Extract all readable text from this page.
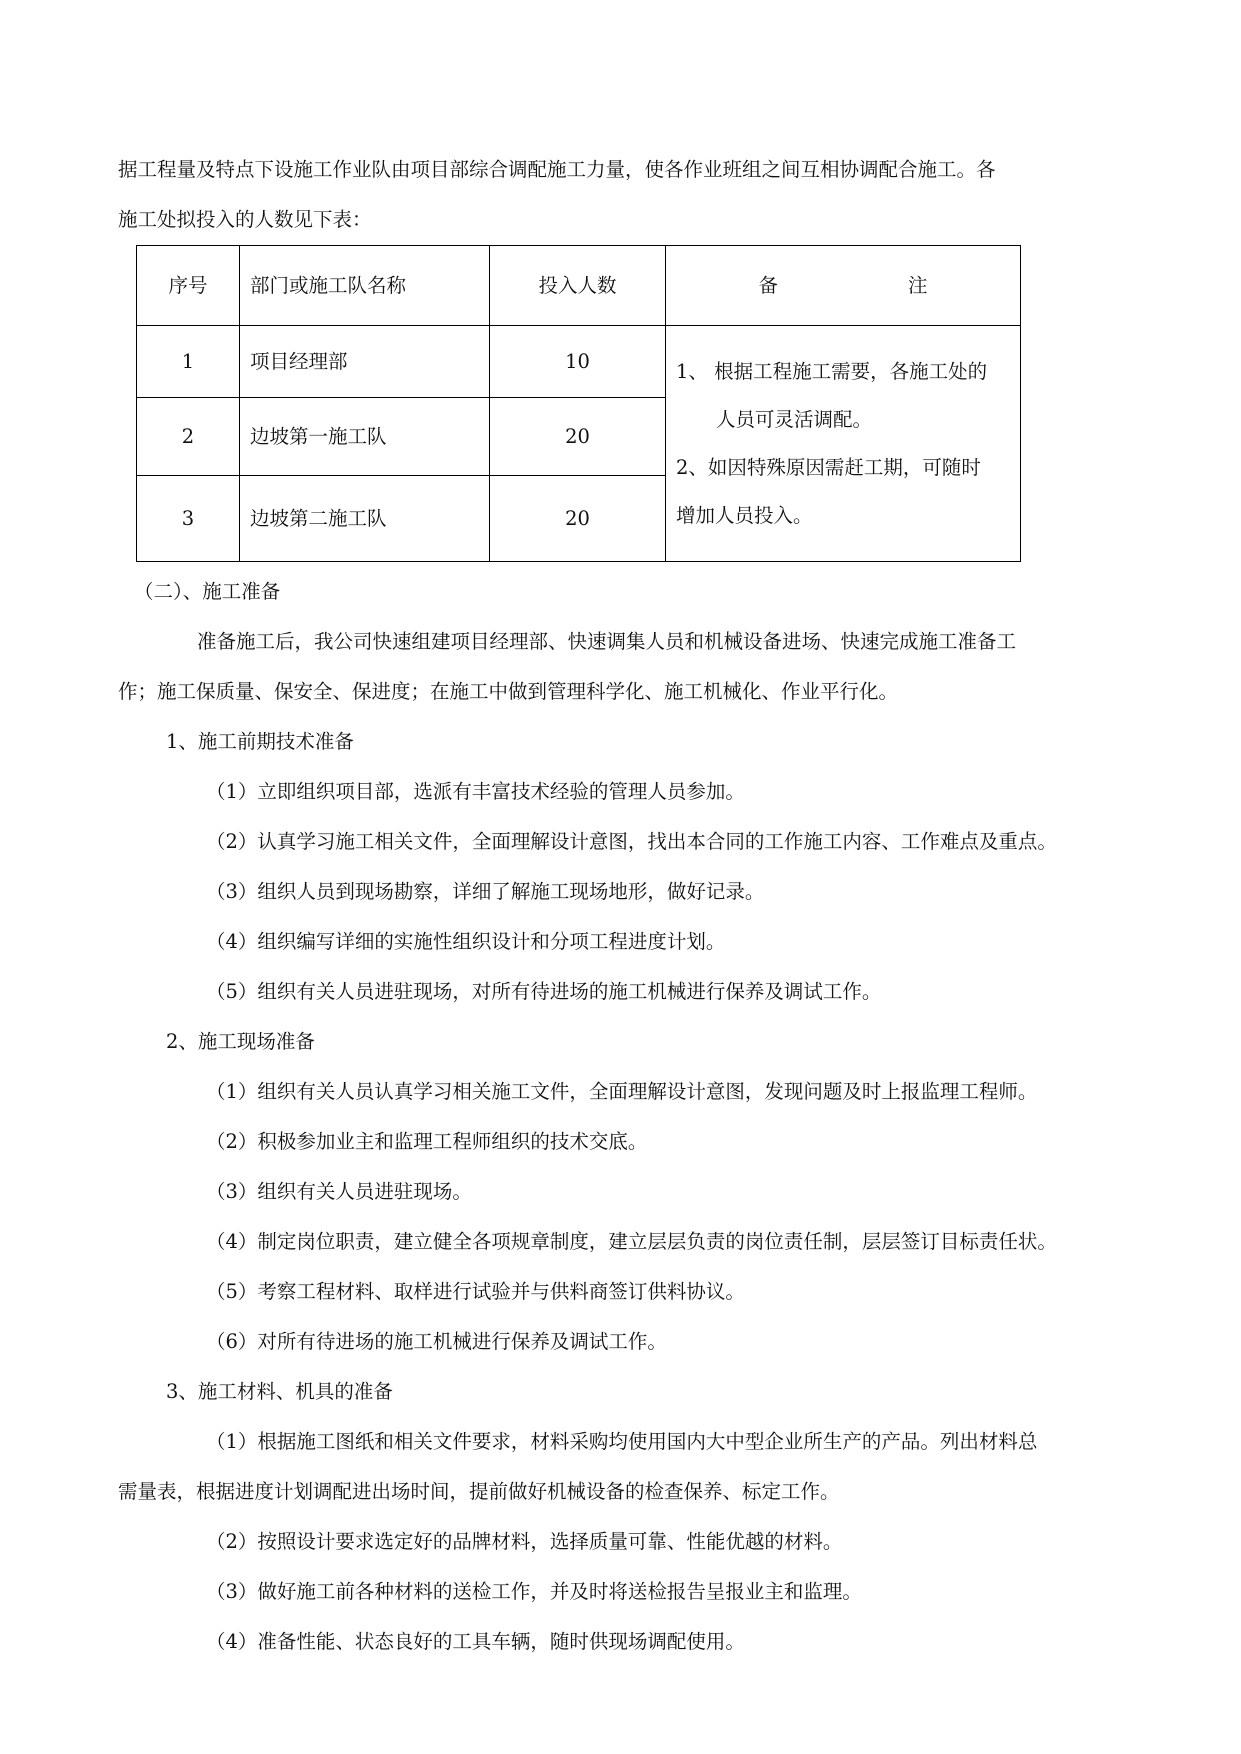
据工程量及特点下设施工作业队由项目部综合调配施工力量，使各作业班组之间互相协调配合施工。各
施工处拟投入的人数见下表：
序号	部门或施工队名称	投入人数	备 注
1	项目经理部	10	1、 根据工程施工需要，各施工处的
人员可灵活调配。
2、如因特殊原因需赶工期，可随时
增加人员投入。

2	边坡第一施工队	20	
3	边坡第二施工队	20	
（二）、施工准备
准备施工后，我公司快速组建项目经理部、快速调集人员和机械设备进场、快速完成施工准备工
作；施工保质量、保安全、保进度；在施工中做到管理科学化、施工机械化、作业平行化。
1、施工前期技术准备
（1）立即组织项目部，选派有丰富技术经验的管理人员参加。
（2）认真学习施工相关文件，全面理解设计意图，找出本合同的工作施工内容、工作难点及重点。
（3）组织人员到现场勘察，详细了解施工现场地形，做好记录。
（4）组织编写详细的实施性组织设计和分项工程进度计划。
（5）组织有关人员进驻现场，对所有待进场的施工机械进行保养及调试工作。
2、施工现场准备
（1）组织有关人员认真学习相关施工文件，全面理解设计意图，发现问题及时上报监理工程师。
（2）积极参加业主和监理工程师组织的技术交底。
（3）组织有关人员进驻现场。
（4）制定岗位职责，建立健全各项规章制度，建立层层负责的岗位责任制，层层签订目标责任状。
（5）考察工程材料、取样进行试验并与供料商签订供料协议。
（6）对所有待进场的施工机械进行保养及调试工作。
3、施工材料、机具的准备
（1）根据施工图纸和相关文件要求，材料采购均使用国内大中型企业所生产的产品。列出材料总
需量表，根据进度计划调配进出场时间，提前做好机械设备的检查保养、标定工作。
（2）按照设计要求选定好的品牌材料，选择质量可靠、性能优越的材料。
（3）做好施工前各种材料的送检工作，并及时将送检报告呈报业主和监理。
（4）准备性能、状态良好的工具车辆，随时供现场调配使用。
